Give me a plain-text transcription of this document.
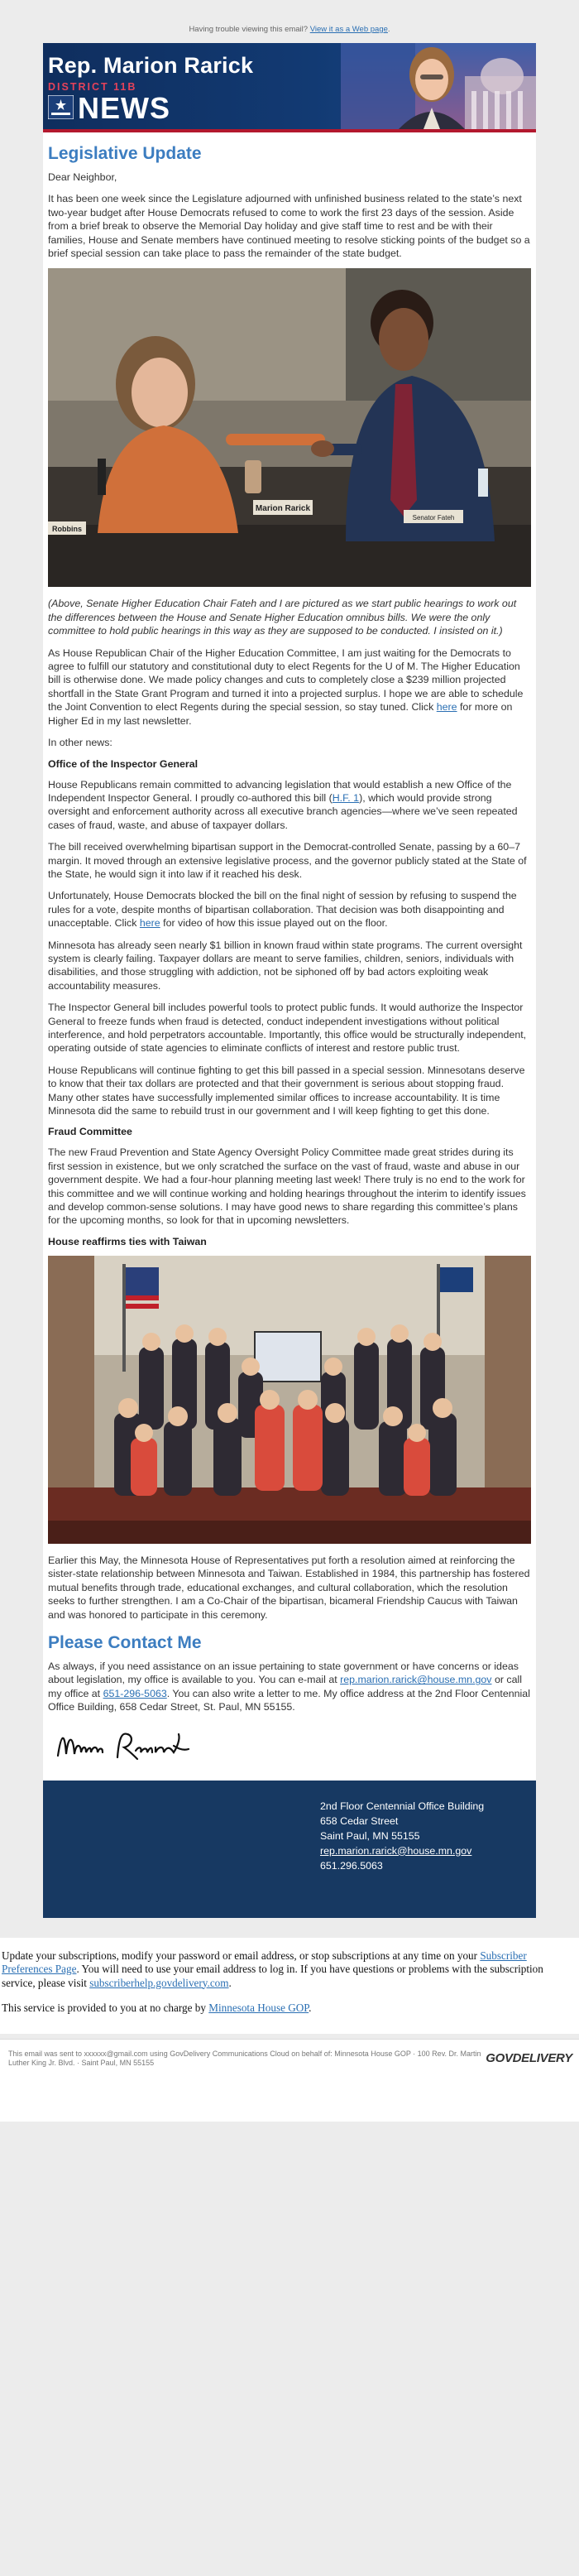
Having trouble viewing this email? View it as a Web page.
Rep. Marion Rarick
DISTRICT 11B
NEWS
Legislative Update

Dear Neighbor,

It has been one week since the Legislature adjourned with unfinished business related to the state’s next two-year budget after House Democrats refused to come to work the first 23 days of the session. Aside from a brief break to observe the Memorial Day holiday and give staff time to rest and be with their families, House and Senate members have continued meeting to resolve sticking points of the budget so a brief special session can take place to pass the remainder of the state budget.

Marion Rarick
Senator Fateh
Robbins

(Above, Senate Higher Education Chair Fateh and I are pictured as we start public hearings to work out the differences between the House and Senate Higher Education omnibus bills. We were the only committee to hold public hearings in this way as they are supposed to be conducted. I insisted on it.)

As House Republican Chair of the Higher Education Committee, I am just waiting for the Democrats to agree to fulfill our statutory and constitutional duty to elect Regents for the U of M. The Higher Education bill is otherwise done. We made policy changes and cuts to completely close a $239 million projected shortfall in the State Grant Program and turned it into a projected surplus. I hope we are able to schedule the Joint Convention to elect Regents during the special session, so stay tuned. Click here for more on Higher Ed in my last newsletter.

In other news:

Office of the Inspector General

House Republicans remain committed to advancing legislation that would establish a new Office of the Independent Inspector General. I proudly co-authored this bill (H.F. 1), which would provide strong oversight and enforcement authority across all executive branch agencies—where we’ve seen repeated cases of fraud, waste, and abuse of taxpayer dollars.

The bill received overwhelming bipartisan support in the Democrat-controlled Senate, passing by a 60–7 margin. It moved through an extensive legislative process, and the governor publicly stated at the State of the State, he would sign it into law if it reached his desk.

Unfortunately, House Democrats blocked the bill on the final night of session by refusing to suspend the rules for a vote, despite months of bipartisan collaboration. That decision was both disappointing and unacceptable. Click here for video of how this issue played out on the floor.

Minnesota has already seen nearly $1 billion in known fraud within state programs. The current oversight system is clearly failing. Taxpayer dollars are meant to serve families, children, seniors, individuals with disabilities, and those struggling with addiction, not be siphoned off by bad actors exploiting weak accountability measures.

The Inspector General bill includes powerful tools to protect public funds. It would authorize the Inspector General to freeze funds when fraud is detected, conduct independent investigations without political interference, and hold perpetrators accountable. Importantly, this office would be structurally independent, operating outside of state agencies to eliminate conflicts of interest and restore public trust.

House Republicans will continue fighting to get this bill passed in a special session. Minnesotans deserve to know that their tax dollars are protected and that their government is serious about stopping fraud. Many other states have successfully implemented similar offices to increase accountability. It is time Minnesota did the same to rebuild trust in our government and I will keep fighting to get this done.

Fraud Committee

The new Fraud Prevention and State Agency Oversight Policy Committee made great strides during its first session in existence, but we only scratched the surface on the vast of fraud, waste and abuse in our government despite. We had a four-hour planning meeting last week! There truly is no end to the work for this committee and we will continue working and holding hearings throughout the interim to identify issues and develop common-sense solutions. I may have good news to share regarding this committee’s plans for the upcoming months, so look for that in upcoming newsletters.

House reaffirms ties with Taiwan

Earlier this May, the Minnesota House of Representatives put forth a resolution aimed at reinforcing the sister-state relationship between Minnesota and Taiwan. Established in 1984, this partnership has fostered mutual benefits through trade, educational exchanges, and cultural collaboration, which the resolution seeks to further strengthen. I am a Co-Chair of the bipartisan, bicameral Friendship Caucus with Taiwan and was honored to participate in this ceremony.

Please Contact Me

As always, if you need assistance on an issue pertaining to state government or have concerns or ideas about legislation, my office is available to you. You can e-mail at rep.marion.rarick@house.mn.gov or call my office at 651-296-5063. You can also write a letter to me. My office address at the 2nd Floor Centennial Office Building, 658 Cedar Street, St. Paul, MN 55155.

2nd Floor Centennial Office Building
658 Cedar Street
Saint Paul, MN 55155
rep.marion.rarick@house.mn.gov
651.296.5063

Update your subscriptions, modify your password or email address, or stop subscriptions at any time on your Subscriber Preferences Page. You will need to use your email address to log in. If you have questions or problems with the subscription service, please visit subscriberhelp.govdelivery.com.

This service is provided to you at no charge by Minnesota House GOP.

This email was sent to xxxxxx@gmail.com using GovDelivery Communications Cloud on behalf of: Minnesota House GOP · 100 Rev. Dr. Martin Luther King Jr. Blvd. · Saint Paul, MN 55155	GOVDELIVERY
